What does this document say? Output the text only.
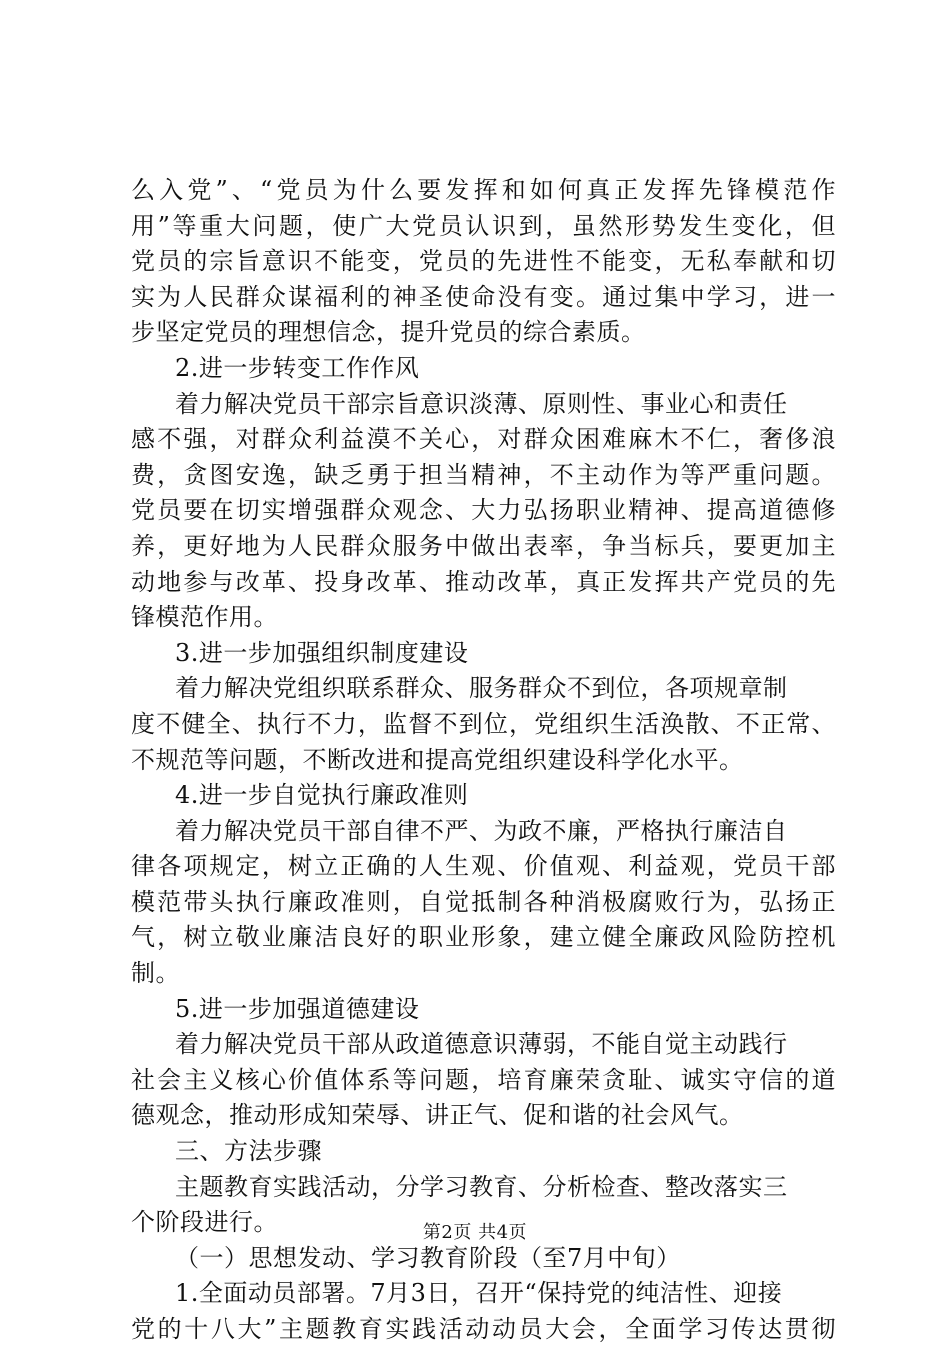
么入党”、“党员为什么要发挥和如何真正发挥先锋模范作
用”等重大问题，使广大党员认识到，虽然形势发生变化，但
党员的宗旨意识不能变，党员的先进性不能变，无私奉献和切
实为人民群众谋福利的神圣使命没有变。通过集中学习，进一
步坚定党员的理想信念，提升党员的综合素质。
2.进一步转变工作作风
着力解决党员干部宗旨意识淡薄、原则性、事业心和责任
感不强，对群众利益漠不关心，对群众困难麻木不仁，奢侈浪
费，贪图安逸，缺乏勇于担当精神，不主动作为等严重问题。
党员要在切实增强群众观念、大力弘扬职业精神、提高道德修
养，更好地为人民群众服务中做出表率，争当标兵，要更加主
动地参与改革、投身改革、推动改革，真正发挥共产党员的先
锋模范作用。
3.进一步加强组织制度建设
着力解决党组织联系群众、服务群众不到位，各项规章制
度不健全、执行不力，监督不到位，党组织生活涣散、不正常、
不规范等问题，不断改进和提高党组织建设科学化水平。
4.进一步自觉执行廉政准则
着力解决党员干部自律不严、为政不廉，严格执行廉洁自
律各项规定，树立正确的人生观、价值观、利益观，党员干部
模范带头执行廉政准则，自觉抵制各种消极腐败行为，弘扬正
气，树立敬业廉洁良好的职业形象，建立健全廉政风险防控机
制。
5.进一步加强道德建设
着力解决党员干部从政道德意识薄弱，不能自觉主动践行
社会主义核心价值体系等问题，培育廉荣贪耻、诚实守信的道
德观念，推动形成知荣辱、讲正气、促和谐的社会风气。
三、方法步骤
主题教育实践活动，分学习教育、分析检查、整改落实三
个阶段进行。
（一）思想发动、学习教育阶段（至7月中旬）
1.全面动员部署。7月3日，召开“保持党的纯洁性、迎接
党的十八大”主题教育实践活动动员大会，全面学习传达贯彻
第2页 共4页
